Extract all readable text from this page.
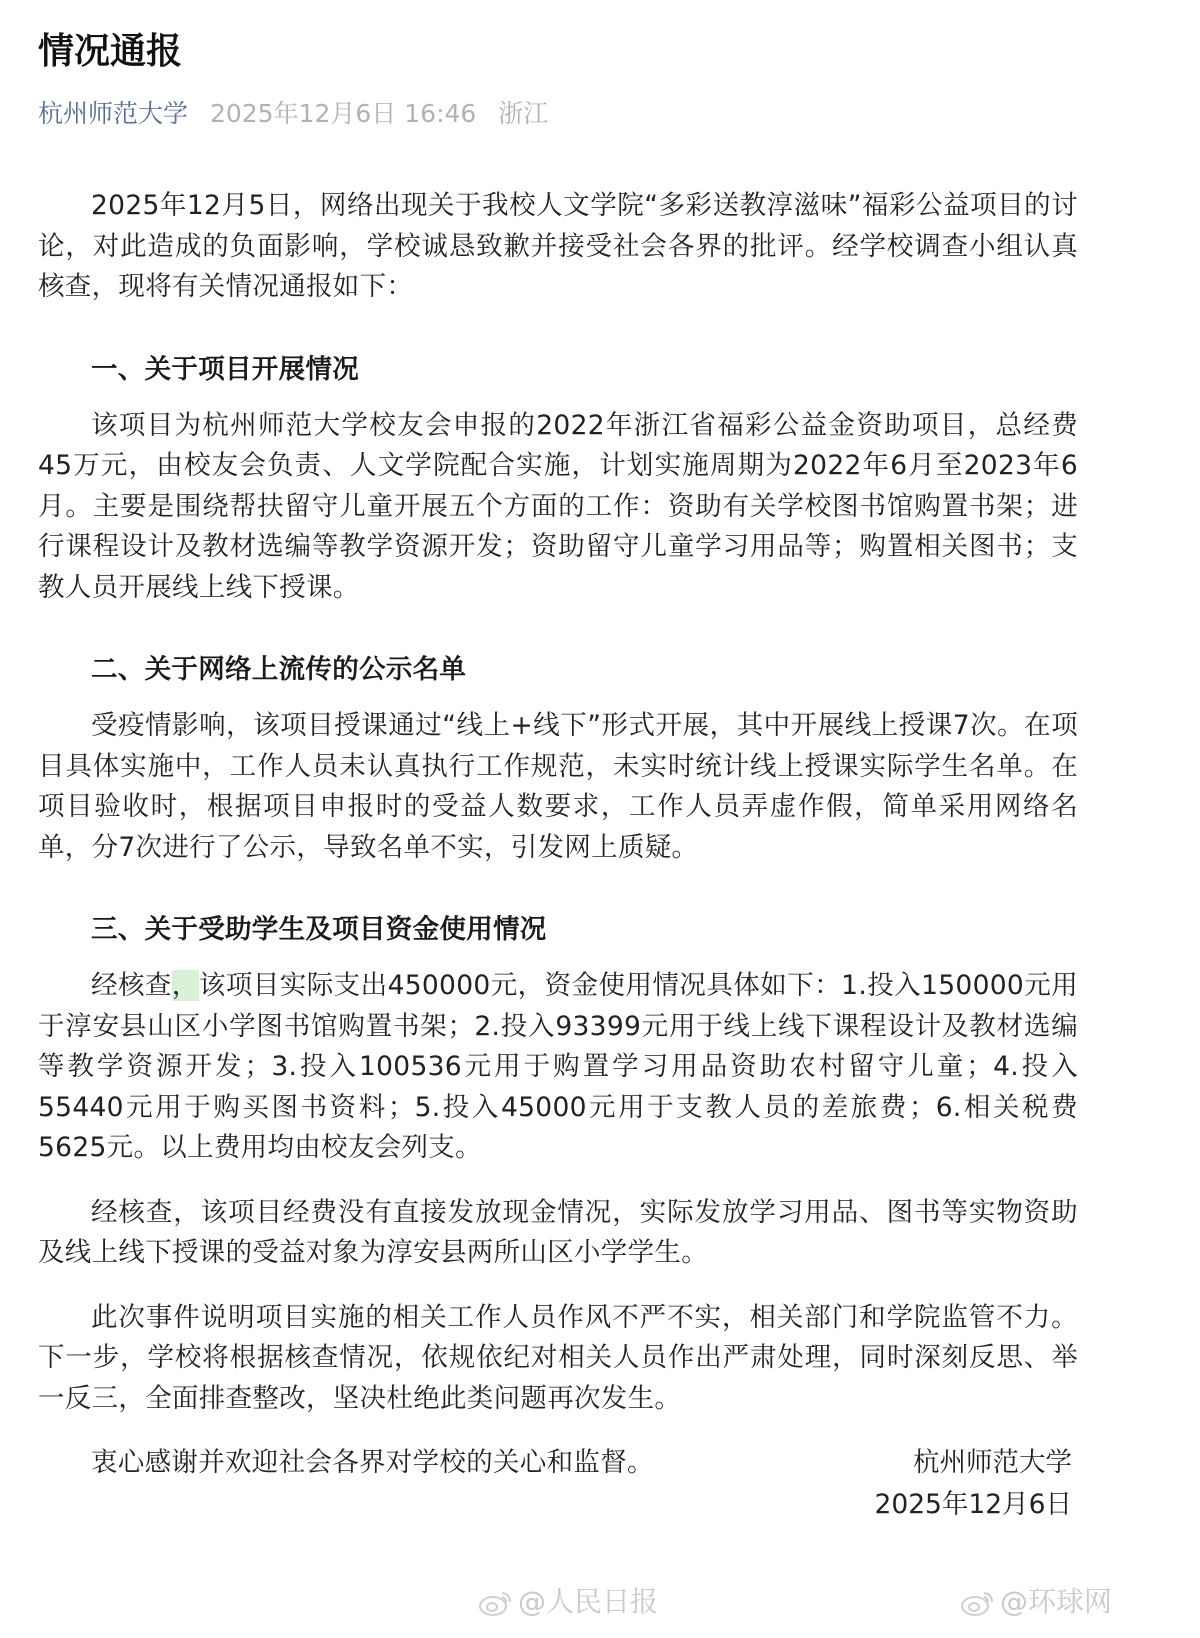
情况通报
杭州师范大学 2025年12月6日 16:46 浙江

2025年12月5日，网络出现关于我校人文学院“多彩送教淳滋味”福彩公益项目的讨论，对此造成的负面影响，学校诚恳致歉并接受社会各界的批评。经学校调查小组认真核查，现将有关情况通报如下：

一、关于项目开展情况

该项目为杭州师范大学校友会申报的2022年浙江省福彩公益金资助项目，总经费45万元，由校友会负责、人文学院配合实施，计划实施周期为2022年6月至2023年6月。主要是围绕帮扶留守儿童开展五个方面的工作：资助有关学校图书馆购置书架；进行课程设计及教材选编等教学资源开发；资助留守儿童学习用品等；购置相关图书；支教人员开展线上线下授课。

二、关于网络上流传的公示名单

受疫情影响，该项目授课通过“线上+线下”形式开展，其中开展线上授课7次。在项目具体实施中，工作人员未认真执行工作规范，未实时统计线上授课实际学生名单。在项目验收时，根据项目申报时的受益人数要求，工作人员弄虚作假，简单采用网络名单，分7次进行了公示，导致名单不实，引发网上质疑。

三、关于受助学生及项目资金使用情况

经核查，该项目实际支出450000元，资金使用情况具体如下：1.投入150000元用于淳安县山区小学图书馆购置书架；2.投入93399元用于线上线下课程设计及教材选编等教学资源开发；3.投入100536元用于购置学习用品资助农村留守儿童；4.投入55440元用于购买图书资料；5.投入45000元用于支教人员的差旅费；6.相关税费5625元。以上费用均由校友会列支。

经核查，该项目经费没有直接发放现金情况，实际发放学习用品、图书等实物资助及线上线下授课的受益对象为淳安县两所山区小学学生。

此次事件说明项目实施的相关工作人员作风不严不实，相关部门和学院监管不力。下一步，学校将根据核查情况，依规依纪对相关人员作出严肃处理，同时深刻反思、举一反三，全面排查整改，坚决杜绝此类问题再次发生。

衷心感谢并欢迎社会各界对学校的关心和监督。	杭州师范大学
2025年12月6日
@人民日报	@环球网
